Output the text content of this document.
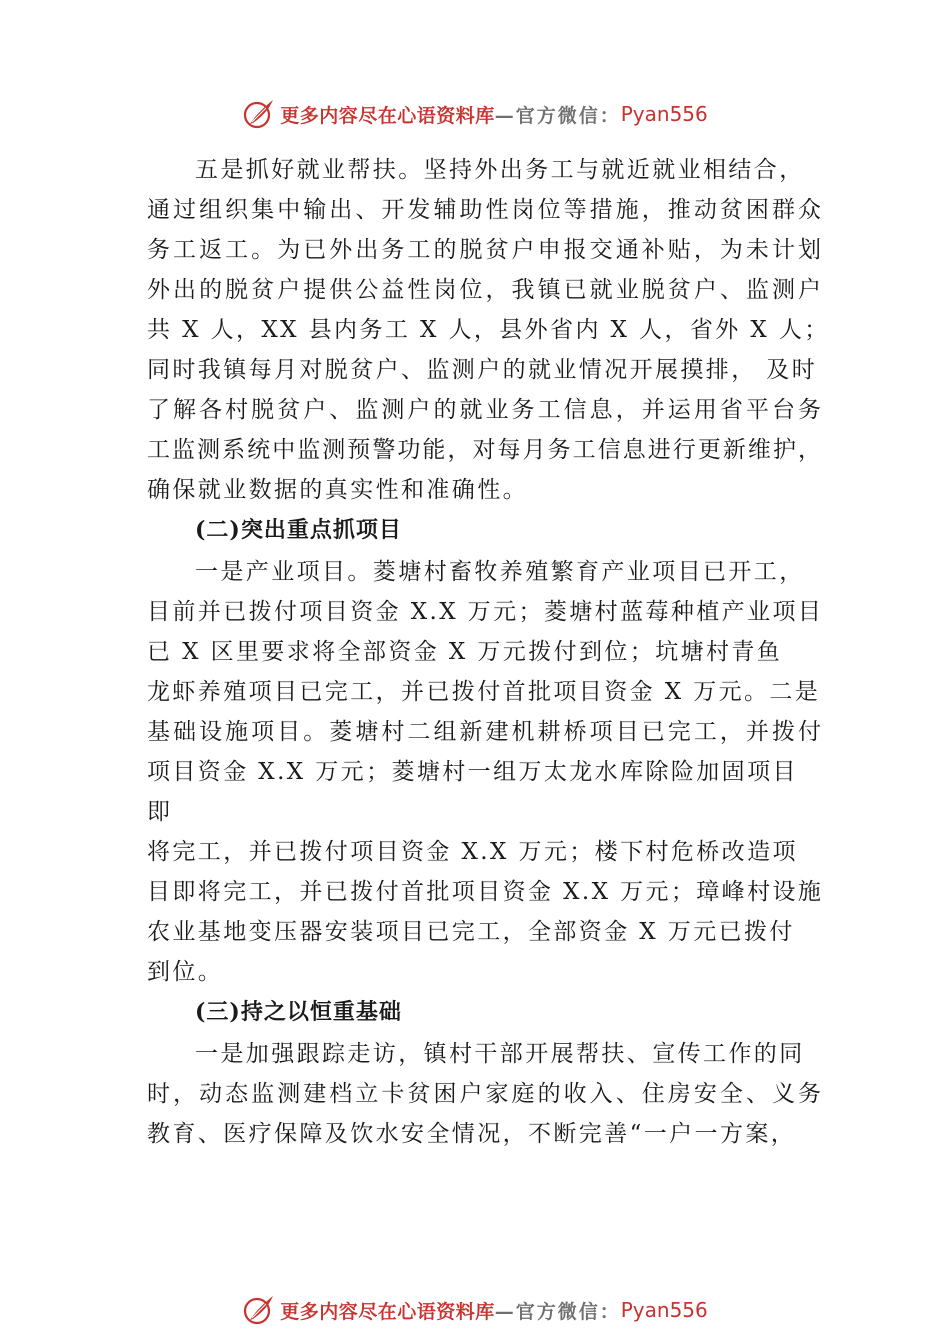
更多内容尽在心语资料库 —官方微信： Pyan556
五是抓好就业帮扶。坚持外出务工与就近就业相结合，
通过组织集中输出、开发辅助性岗位等措施，推动贫困群众
务工返工。为已外出务工的脱贫户申报交通补贴，为未计划
外出的脱贫户提供公益性岗位，我镇已就业脱贫户、监测户
共 X 人，XX 县内务工 X 人，县外省内 X 人，省外 X 人；
同时我镇每月对脱贫户、监测户的就业情况开展摸排， 及时
了解各村脱贫户、监测户的就业务工信息，并运用省平台务
工监测系统中监测预警功能，对每月务工信息进行更新维护，
确保就业数据的真实性和准确性。
(二)突出重点抓项目
一是产业项目。菱塘村畜牧养殖繁育产业项目已开工，
目前并已拨付项目资金 X.X 万元；菱塘村蓝莓种植产业项目
已 X 区里要求将全部资金 X 万元拨付到位；坑塘村青鱼
龙虾养殖项目已完工，并已拨付首批项目资金 X 万元。二是
基础设施项目。菱塘村二组新建机耕桥项目已完工，并拨付
项目资金 X.X 万元；菱塘村一组万太龙水库除险加固项目
即
将完工，并已拨付项目资金 X.X 万元；楼下村危桥改造项
目即将完工，并已拨付首批项目资金 X.X 万元；璋峰村设施
农业基地变压器安装项目已完工，全部资金 X 万元已拨付
到位。
(三)持之以恒重基础
一是加强跟踪走访，镇村干部开展帮扶、宣传工作的同
时，动态监测建档立卡贫困户家庭的收入、住房安全、义务
教育、医疗保障及饮水安全情况，不断完善“一户一方案，
更多内容尽在心语资料库 —官方微信： Pyan556
